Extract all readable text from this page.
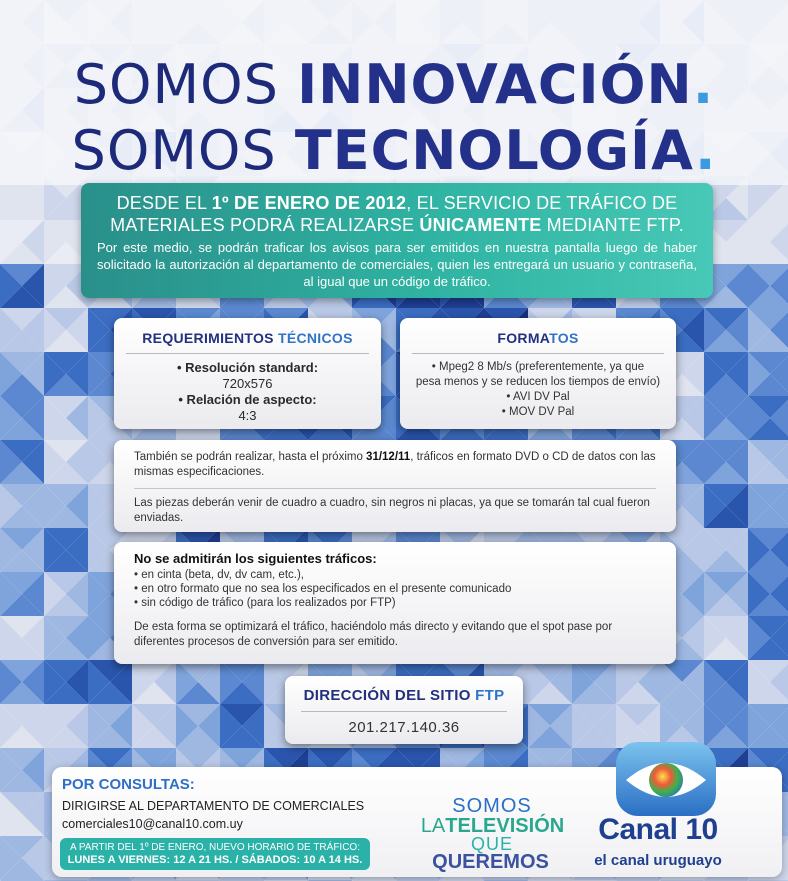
SOMOS INNOVACIÓN.
SOMOS TECNOLOGÍA.
DESDE EL 1º DE ENERO DE 2012, EL SERVICIO DE TRÁFICO DE MATERIALES PODRÁ REALIZARSE ÚNICAMENTE MEDIANTE FTP.
Por este medio, se podrán traficar los avisos para ser emitidos en nuestra pantalla luego de haber solicitado la autorización al departamento de comerciales, quien les entregará un usuario y contraseña, al igual que un código de tráfico.
REQUERIMIENTOS TÉCNICOS
• Resolución standard:
720x576
• Relación de aspecto:
4:3
FORMATOS
• Mpeg2 8 Mb/s (preferentemente, ya que
pesa menos y se reducen los tiempos de envío)
• AVI DV Pal
• MOV DV Pal
También se podrán realizar, hasta el próximo 31/12/11, tráficos en formato DVD o CD de datos con las mismas especificaciones.
Las piezas deberán venir de cuadro a cuadro, sin negros ni placas, ya que se tomarán tal cual fueron enviadas.
No se admitirán los siguientes tráficos:
• en cinta (beta, dv, dv cam, etc.),
• en otro formato que no sea los especificados en el presente comunicado
• sin código de tráfico (para los realizados por FTP)
De esta forma se optimizará el tráfico, haciéndolo más directo y evitando que el spot pase por diferentes procesos de conversión para ser emitido.
DIRECCIÓN DEL SITIO FTP
201.217.140.36
POR CONSULTAS:
DIRIGIRSE AL DEPARTAMENTO DE COMERCIALES
comerciales10@canal10.com.uy
A PARTIR DEL 1º DE ENERO, NUEVO HORARIO DE TRÁFICO:
LUNES A VIERNES: 12 A 21 HS. / SÁBADOS: 10 A 14 HS.
SOMOS
LATELEVISIÓN
QUE
QUEREMOS
Canal 10
el canal uruguayo
